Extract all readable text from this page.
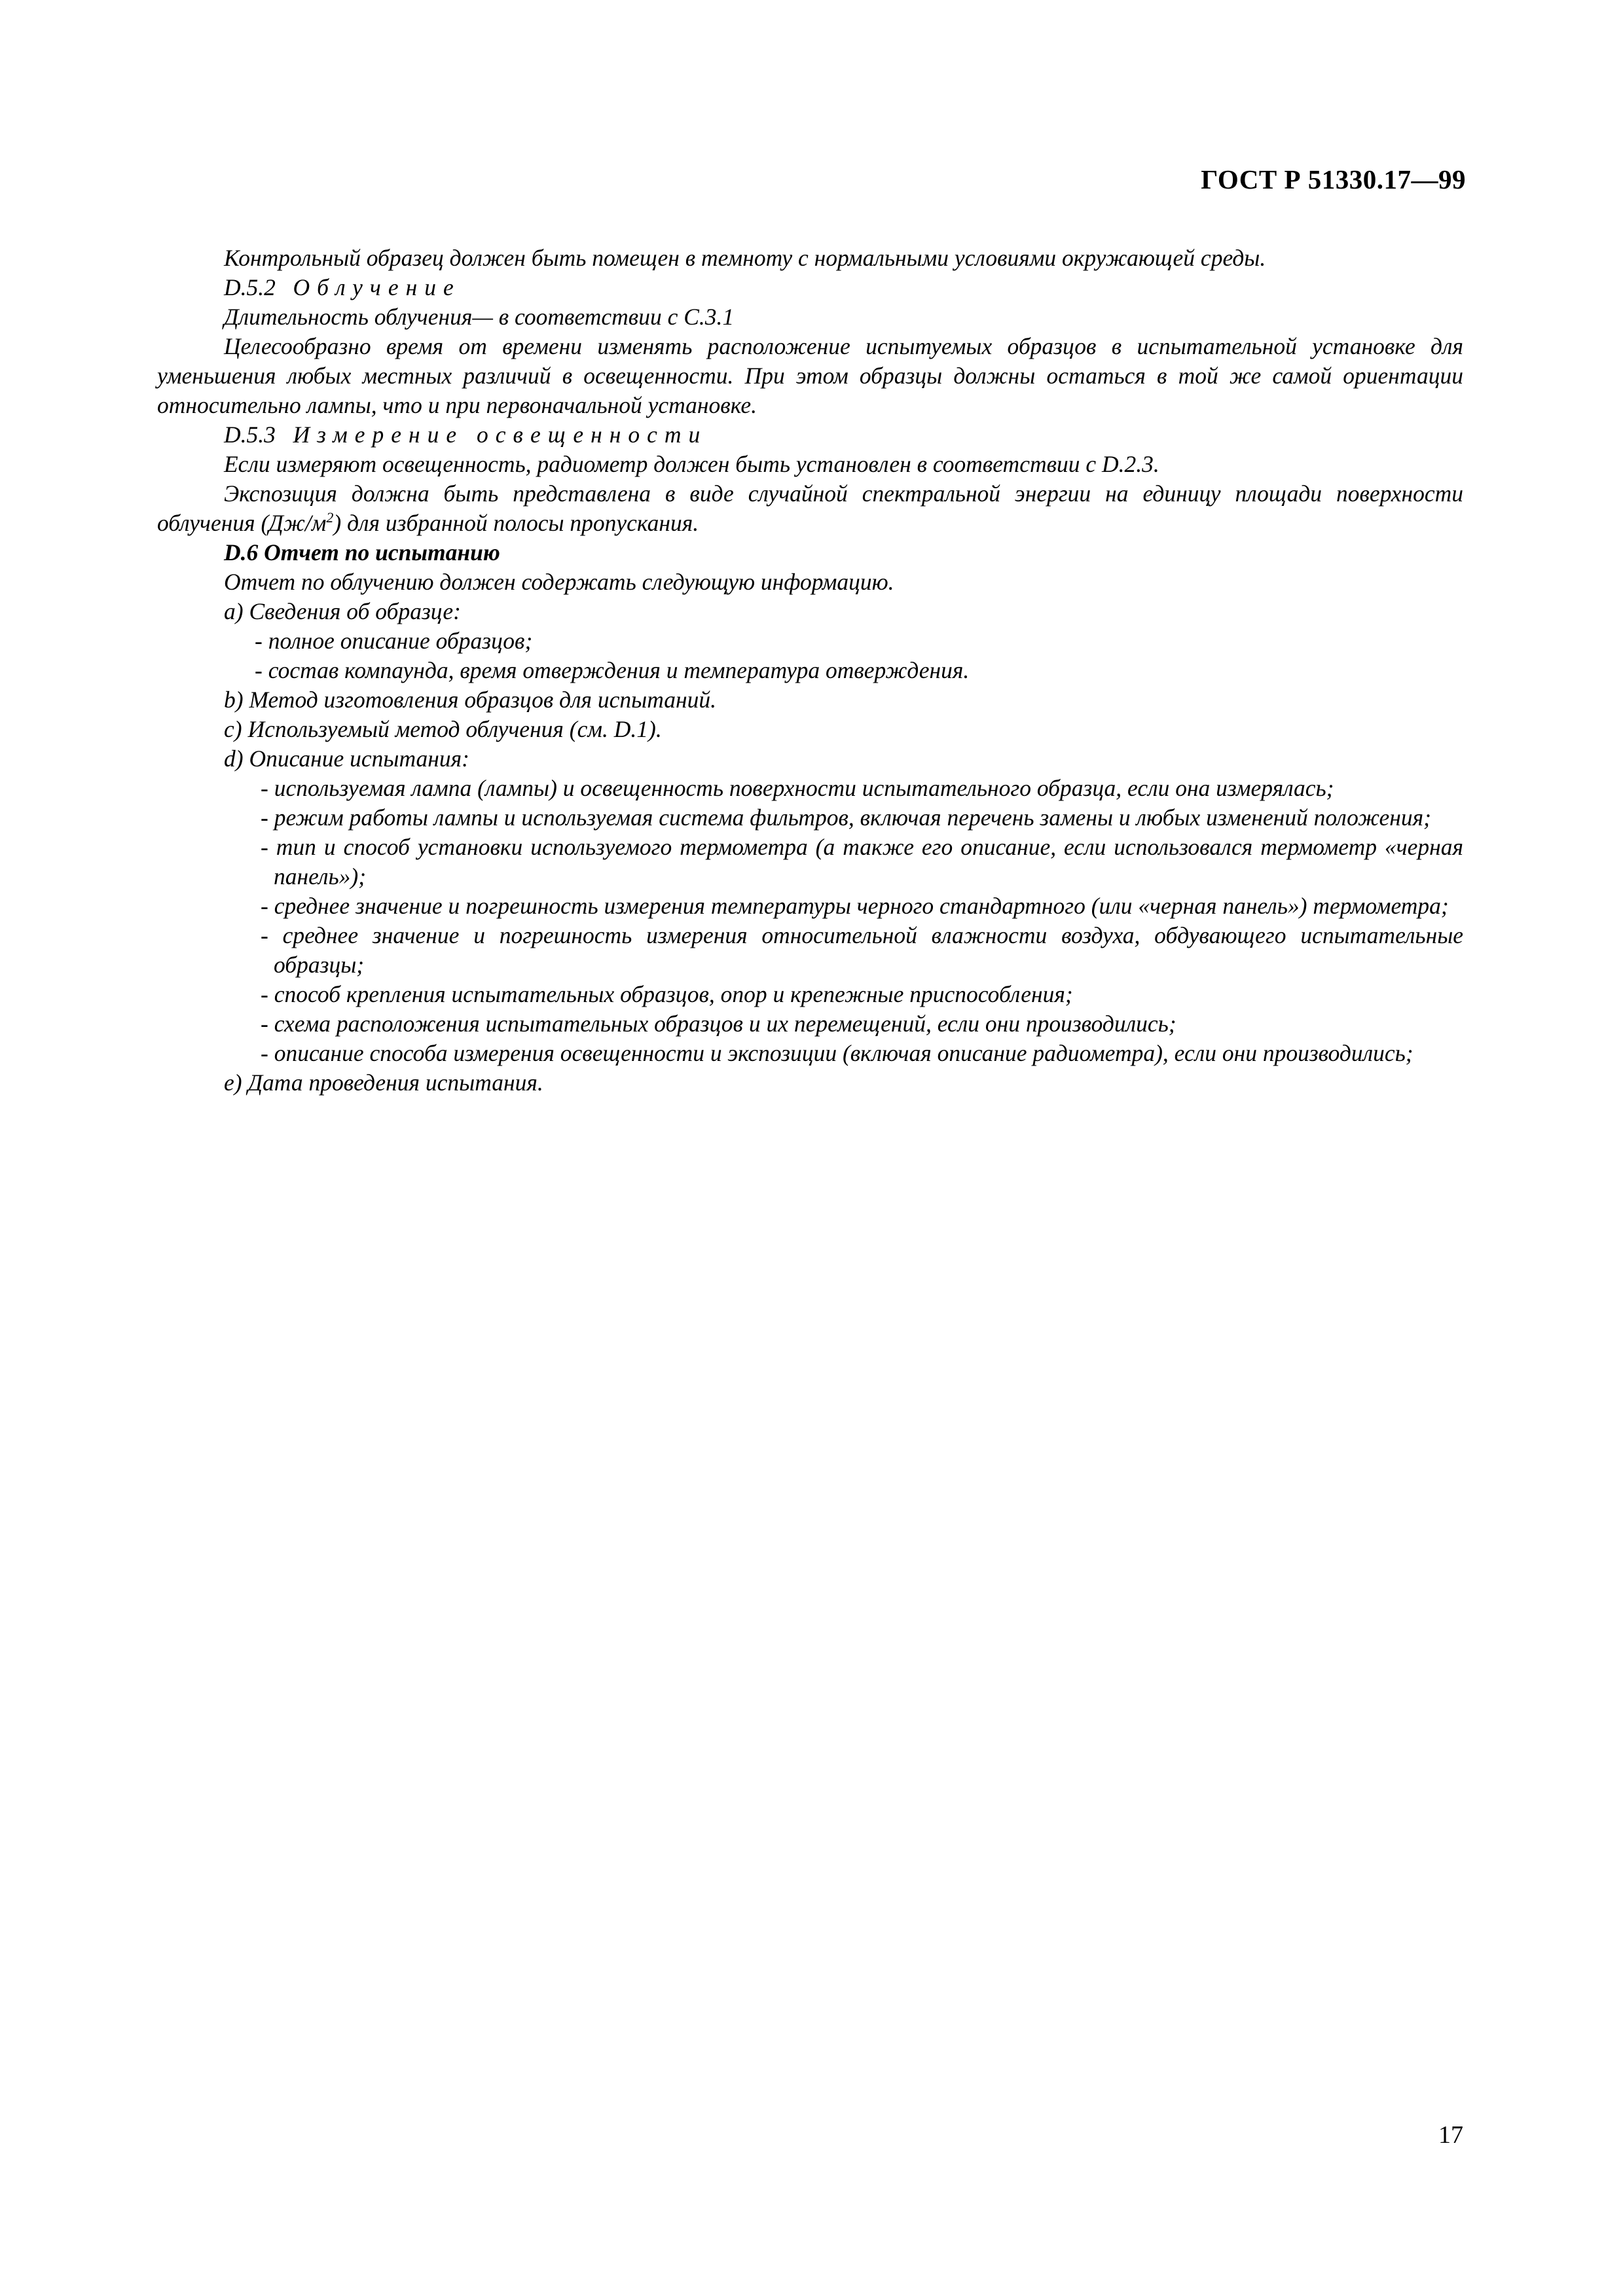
ГОСТ Р 51330.17—99

Контрольный образец должен быть помещен в темноту с нормальными условиями окружающей среды.

D.5.2 Облучение

Длительность облучения— в соответствии с С.3.1

Целесообразно время от времени изменять расположение испытуемых образцов в испытательной установке для уменьшения любых местных различий в освещенности. При этом образцы должны остаться в той же самой ориентации относительно лампы, что и при первоначальной установке.

D.5.3 Измерение освещенности

Если измеряют освещенность, радиометр должен быть установлен в соответствии с D.2.3.

Экспозиция должна быть представлена в виде случайной спектральной энергии на единицу площади поверхности облучения $(Дж/м^2)$ для избранной полосы пропускания.

D.6 Отчет по испытанию

Отчет по облучению должен содержать следующую информацию.

а) Сведения об образце:

- полное описание образцов;

- состав компаунда, время отверждения и температура отверждения.

b) Метод изготовления образцов для испытаний.

с) Используемый метод облучения (см. D.1).

d) Описание испытания:

- используемая лампа (лампы) и освещенность поверхности испытательного образца, если она измерялась;

- режим работы лампы и используемая система фильтров, включая перечень замены и любых изменений положения;

- тип и способ установки используемого термометра (а также его описание, если использовался термометр «черная панель»);

- среднее значение и погрешность измерения температуры черного стандартного (или «черная панель») термометра;

- среднее значение и погрешность измерения относительной влажности воздуха, обдувающего испытательные образцы;

- способ крепления испытательных образцов, опор и крепежные приспособления;

- схема расположения испытательных образцов и их перемещений, если они производились;

- описание способа измерения освещенности и экспозиции (включая описание радиометра), если они производились;

е) Дата проведения испытания.

17
